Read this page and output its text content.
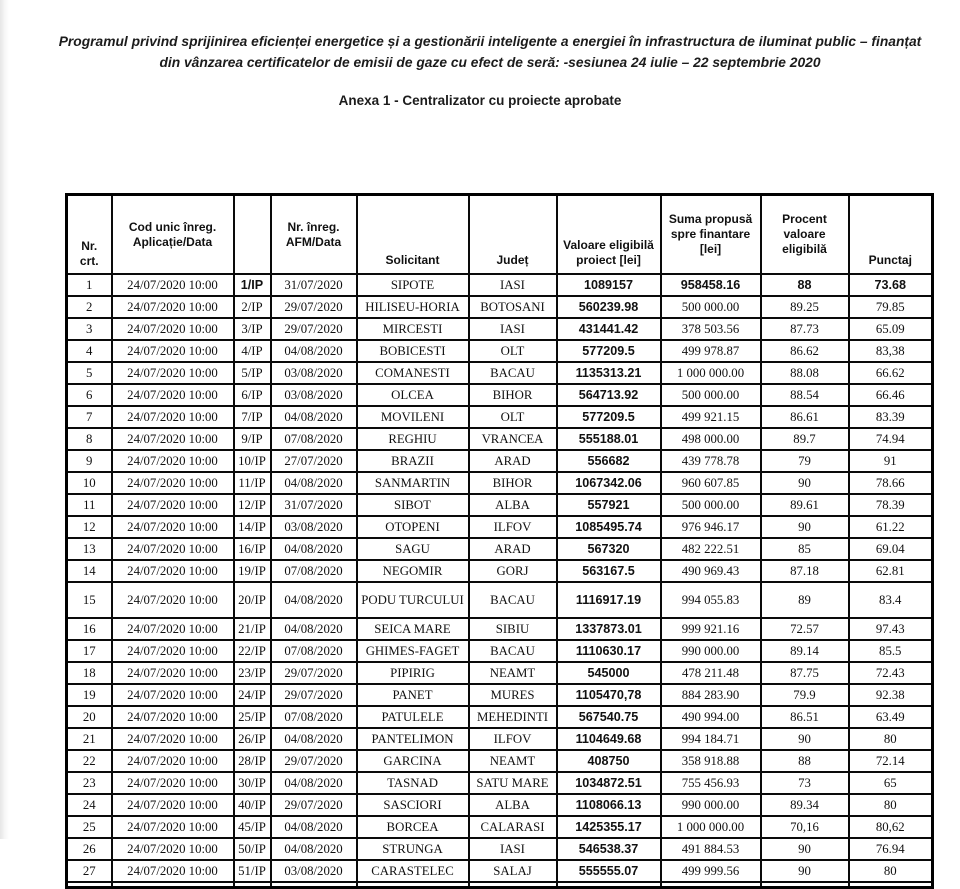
Programul privind sprijinirea eficienței energetice și a gestionării inteligente a energiei în infrastructura de iluminat public – finanțat
din vânzarea certificatelor de emisii de gaze cu efect de seră: -sesiunea 24 iulie – 22 septembrie 2020
Anexa 1 - Centralizator cu proiecte aprobate
Nr. crt.	Cod unic înreg. Aplicație/Data		Nr. înreg. AFM/Data	Solicitant	Județ	Valoare eligibilă proiect [lei]	Suma propusă spre finantare [lei]	Procent valoare eligibilă	Punctaj
1	24/07/2020 10:00	1/IP	31/07/2020	SIPOTE	IASI	1089157	958458.16	88	73.68
2	24/07/2020 10:00	2/IP	29/07/2020	HILISEU-HORIA	BOTOSANI	560239.98	500 000.00	89.25	79.85
3	24/07/2020 10:00	3/IP	29/07/2020	MIRCESTI	IASI	431441.42	378 503.56	87.73	65.09
4	24/07/2020 10:00	4/IP	04/08/2020	BOBICESTI	OLT	577209.5	499 978.87	86.62	83,38
5	24/07/2020 10:00	5/IP	03/08/2020	COMANESTI	BACAU	1135313.21	1 000 000.00	88.08	66.62
6	24/07/2020 10:00	6/IP	03/08/2020	OLCEA	BIHOR	564713.92	500 000.00	88.54	66.46
7	24/07/2020 10:00	7/IP	04/08/2020	MOVILENI	OLT	577209.5	499 921.15	86.61	83.39
8	24/07/2020 10:00	9/IP	07/08/2020	REGHIU	VRANCEA	555188.01	498 000.00	89.7	74.94
9	24/07/2020 10:00	10/IP	27/07/2020	BRAZII	ARAD	556682	439 778.78	79	91
10	24/07/2020 10:00	11/IP	04/08/2020	SANMARTIN	BIHOR	1067342.06	960 607.85	90	78.66
11	24/07/2020 10:00	12/IP	31/07/2020	SIBOT	ALBA	557921	500 000.00	89.61	78.39
12	24/07/2020 10:00	14/IP	03/08/2020	OTOPENI	ILFOV	1085495.74	976 946.17	90	61.22
13	24/07/2020 10:00	16/IP	04/08/2020	SAGU	ARAD	567320	482 222.51	85	69.04
14	24/07/2020 10:00	19/IP	07/08/2020	NEGOMIR	GORJ	563167.5	490 969.43	87.18	62.81
15	24/07/2020 10:00	20/IP	04/08/2020	PODU TURCULUI	BACAU	1116917.19	994 055.83	89	83.4
16	24/07/2020 10:00	21/IP	04/08/2020	SEICA MARE	SIBIU	1337873.01	999 921.16	72.57	97.43
17	24/07/2020 10:00	22/IP	07/08/2020	GHIMES-FAGET	BACAU	1110630.17	990 000.00	89.14	85.5
18	24/07/2020 10:00	23/IP	29/07/2020	PIPIRIG	NEAMT	545000	478 211.48	87.75	72.43
19	24/07/2020 10:00	24/IP	29/07/2020	PANET	MURES	1105470,78	884 283.90	79.9	92.38
20	24/07/2020 10:00	25/IP	07/08/2020	PATULELE	MEHEDINTI	567540.75	490 994.00	86.51	63.49
21	24/07/2020 10:00	26/IP	04/08/2020	PANTELIMON	ILFOV	1104649.68	994 184.71	90	80
22	24/07/2020 10:00	28/IP	29/07/2020	GARCINA	NEAMT	408750	358 918.88	88	72.14
23	24/07/2020 10:00	30/IP	04/08/2020	TASNAD	SATU MARE	1034872.51	755 456.93	73	65
24	24/07/2020 10:00	40/IP	29/07/2020	SASCIORI	ALBA	1108066.13	990 000.00	89.34	80
25	24/07/2020 10:00	45/IP	04/08/2020	BORCEA	CALARASI	1425355.17	1 000 000.00	70,16	80,62
26	24/07/2020 10:00	50/IP	04/08/2020	STRUNGA	IASI	546538.37	491 884.53	90	76.94
27	24/07/2020 10:00	51/IP	03/08/2020	CARASTELEC	SALAJ	555555.07	499 999.56	90	80
